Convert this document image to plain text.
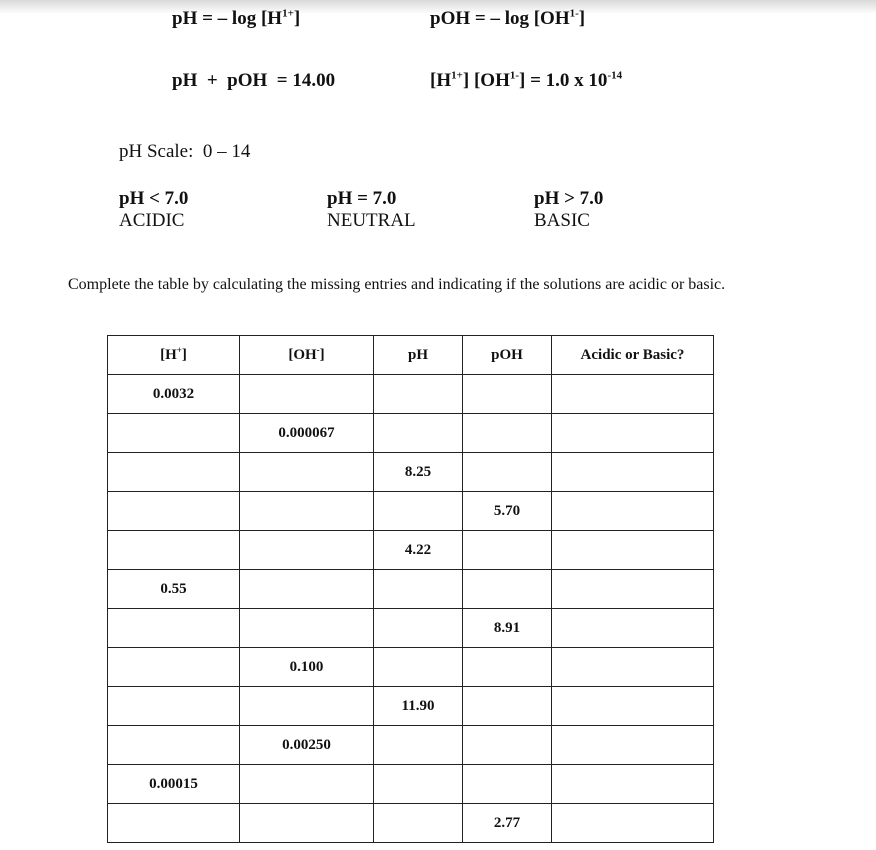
pH = – $\log [H^{1+}]$	pOH = – $\log [OH^{1-}]$
pH  +  pOH  = 14.00	$[H^{1+}] [OH^{1-}] = 1.0$ x $10^{-14}$
pH Scale:  0 – 14
pH < 7.0
ACIDIC
pH = 7.0
NEUTRAL
pH > 7.0
BASIC
Complete the table by calculating the missing entries and indicating if the solutions are acidic or basic.
[H+]	[OH-]	pH	pOH	Acidic or Basic?
0.0032				
	0.000067			
		8.25		
			5.70	
		4.22		
0.55				
			8.91	
	0.100			
		11.90		
	0.00250			
0.00015				
			2.77	
